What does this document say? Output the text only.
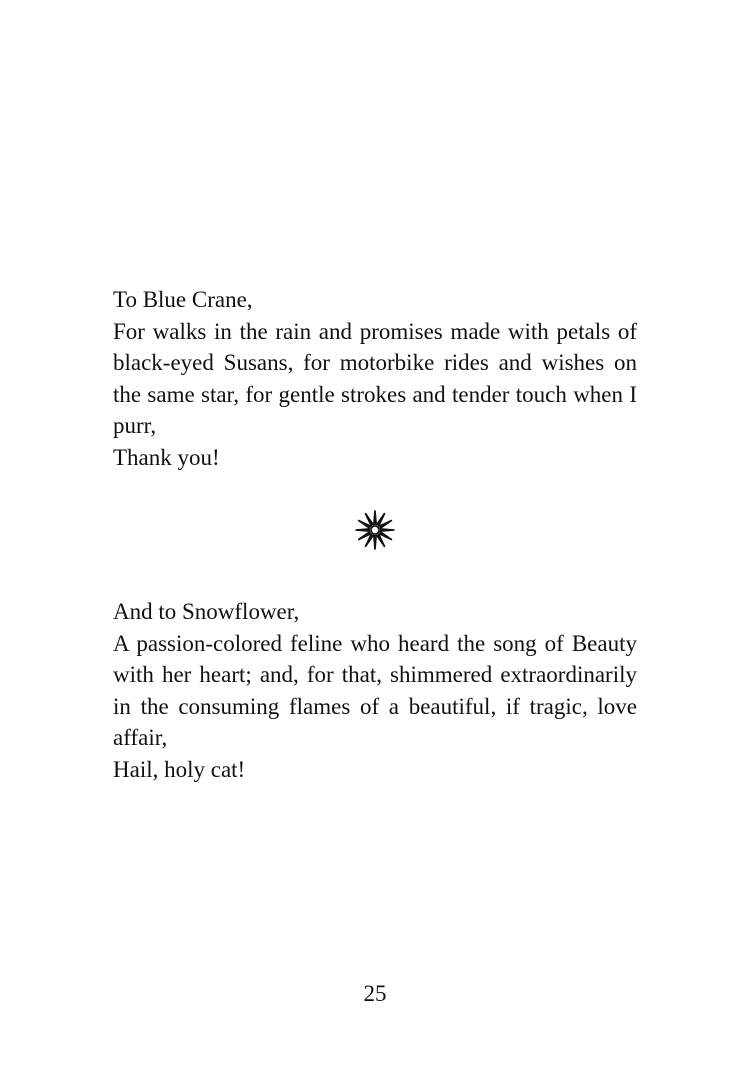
To Blue Crane,

For walks in the rain and promises made with petals of black-eyed Susans, for motorbike rides and wishes on the same star, for gentle strokes and tender touch when I purr,

Thank you!

And to Snowflower,

A passion-colored feline who heard the song of Beauty with her heart; and, for that, shimmered extraordinarily in the consuming flames of a beautiful, if tragic, love affair,

Hail, holy cat!

25
